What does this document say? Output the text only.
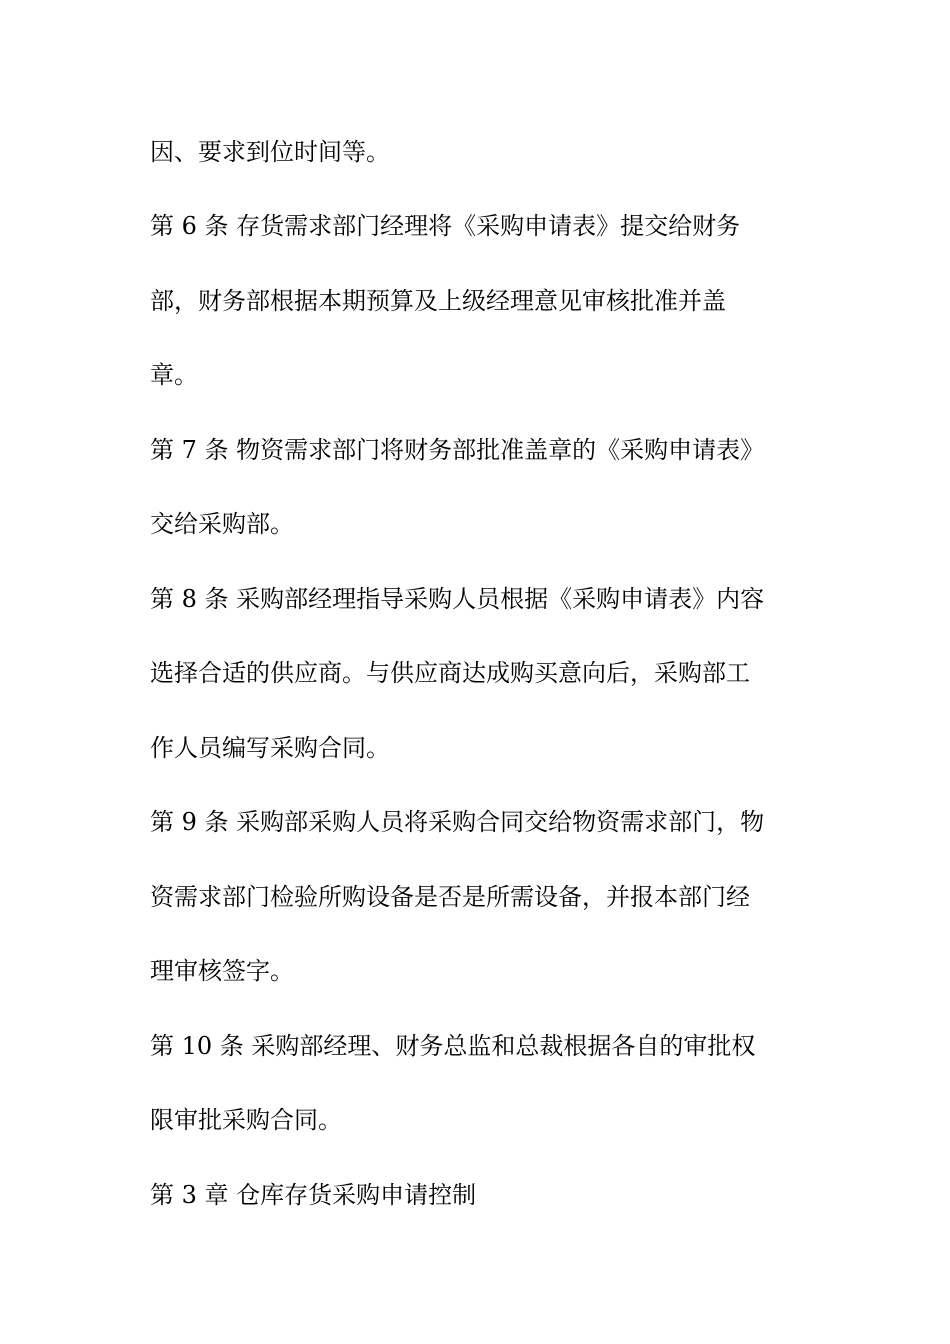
因、要求到位时间等。
第 6 条 存货需求部门经理将《采购申请表》提交给财务
部，财务部根据本期预算及上级经理意见审核批准并盖
章。
第 7 条 物资需求部门将财务部批准盖章的《采购申请表》
交给采购部。
第 8 条 采购部经理指导采购人员根据《采购申请表》内容
选择合适的供应商。与供应商达成购买意向后，采购部工
作人员编写采购合同。
第 9 条 采购部采购人员将采购合同交给物资需求部门，物
资需求部门检验所购设备是否是所需设备，并报本部门经
理审核签字。
第 10 条 采购部经理、财务总监和总裁根据各自的审批权
限审批采购合同。
第 3 章 仓库存货采购申请控制
